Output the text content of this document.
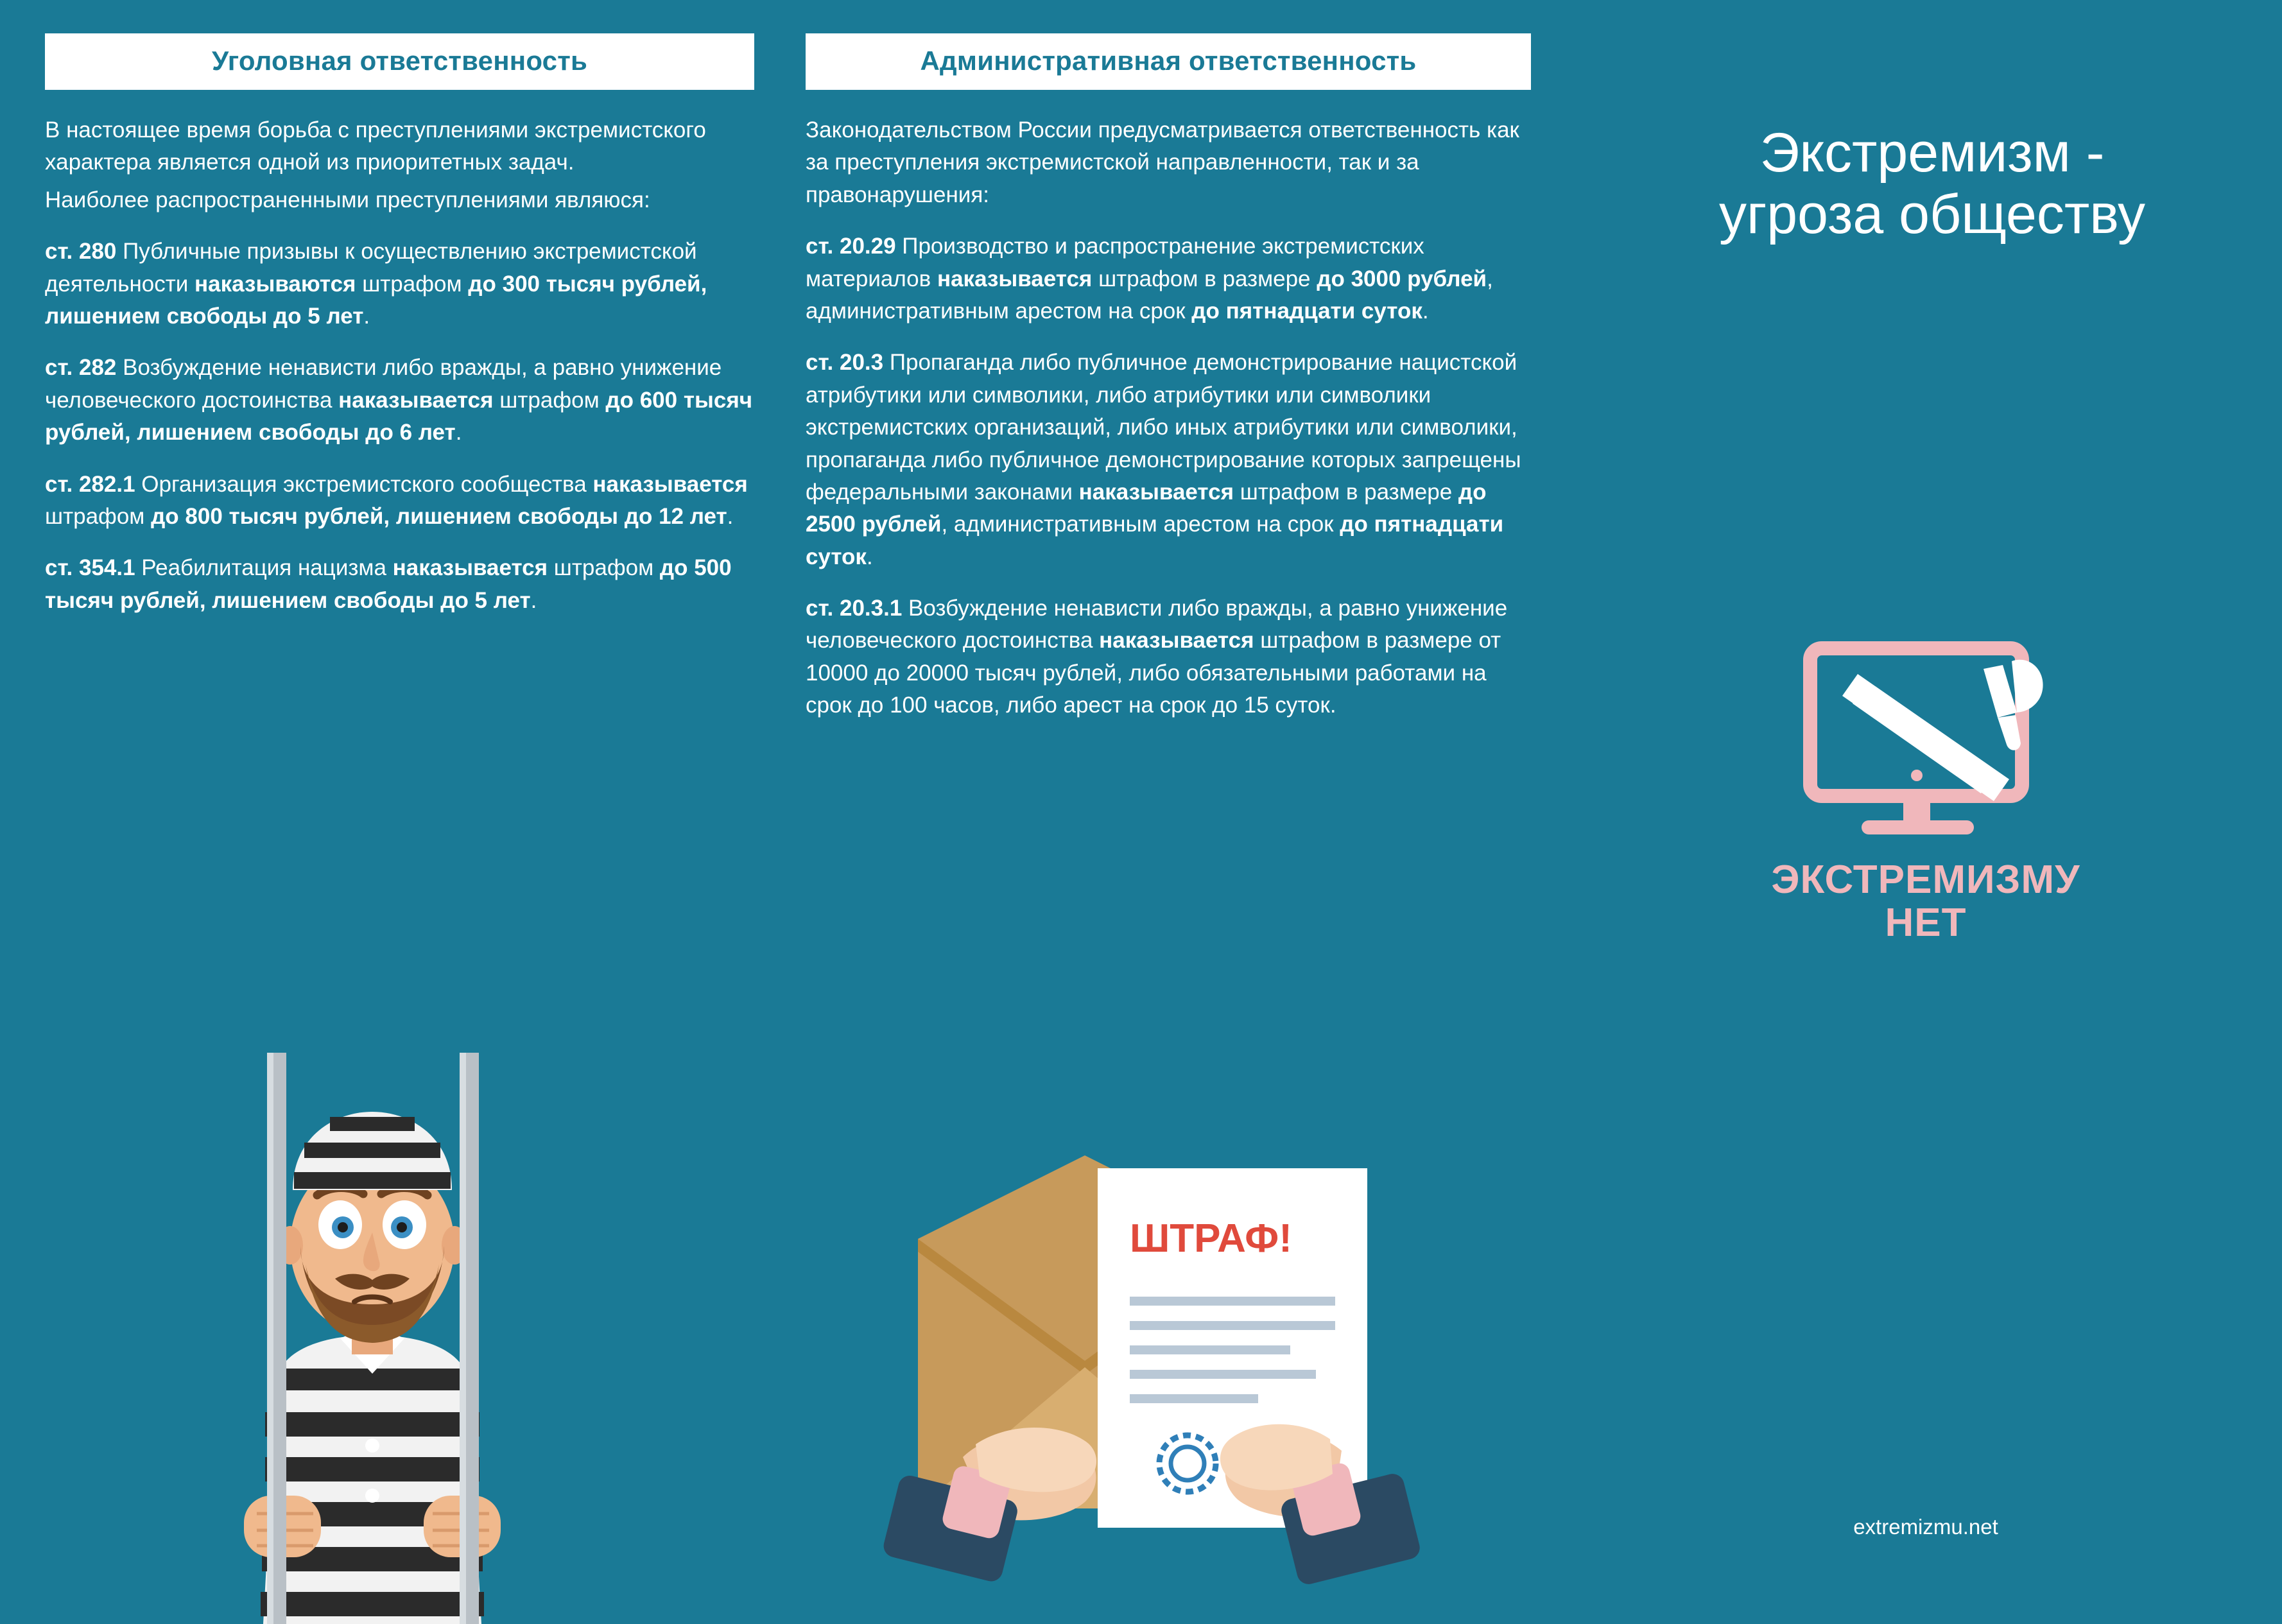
Уголовная ответственность
В настоящее время борьба с преступлениями экстремистского характера является одной из приоритетных задач.
Наиболее распространенными преступлениями являюся:
ст. 280 Публичные призывы к осуществлению экстремистской деятельности наказываются штрафом до 300 тысяч рублей, лишением свободы до 5 лет.
ст. 282 Возбуждение ненависти либо вражды, а равно унижение человеческого достоинства наказывается штрафом до 600 тысяч рублей, лишением свободы до 6 лет.
ст. 282.1 Организация экстремистского сообщества наказывается штрафом до 800 тысяч рублей, лишением свободы до 12 лет.
ст. 354.1 Реабилитация нацизма наказывается штрафом до 500 тысяч рублей, лишением свободы до 5 лет.
Административная ответственность
Законодательством России предусматривается ответственность как за преступления экстремистской направленности, так и за правонарушения:
ст. 20.29 Производство и распространение экстремистских материалов наказывается штрафом в размере до 3000 рублей, административным арестом на срок до пятнадцати суток.
ст. 20.3 Пропаганда либо публичное демонстрирование нацистской атрибутики или символики, либо атрибутики или символики экстремистских организаций, либо иных атрибутики или символики, пропаганда либо публичное демонстрирование которых запрещены федеральными законами наказывается штрафом в размере до 2500 рублей, административным арестом на срок до пятнадцати суток.
ст. 20.3.1 Возбуждение ненависти либо вражды, а равно унижение человеческого достоинства наказывается штрафом в размере от 10000 до 20000 тысяч рублей, либо обязательными работами на срок до 100 часов, либо арест на срок до 15 суток.
Экстремизм -
угроза обществу
ЭКСТРЕМИЗМУ
НЕТ
extremizmu.net
ШТРАФ!
